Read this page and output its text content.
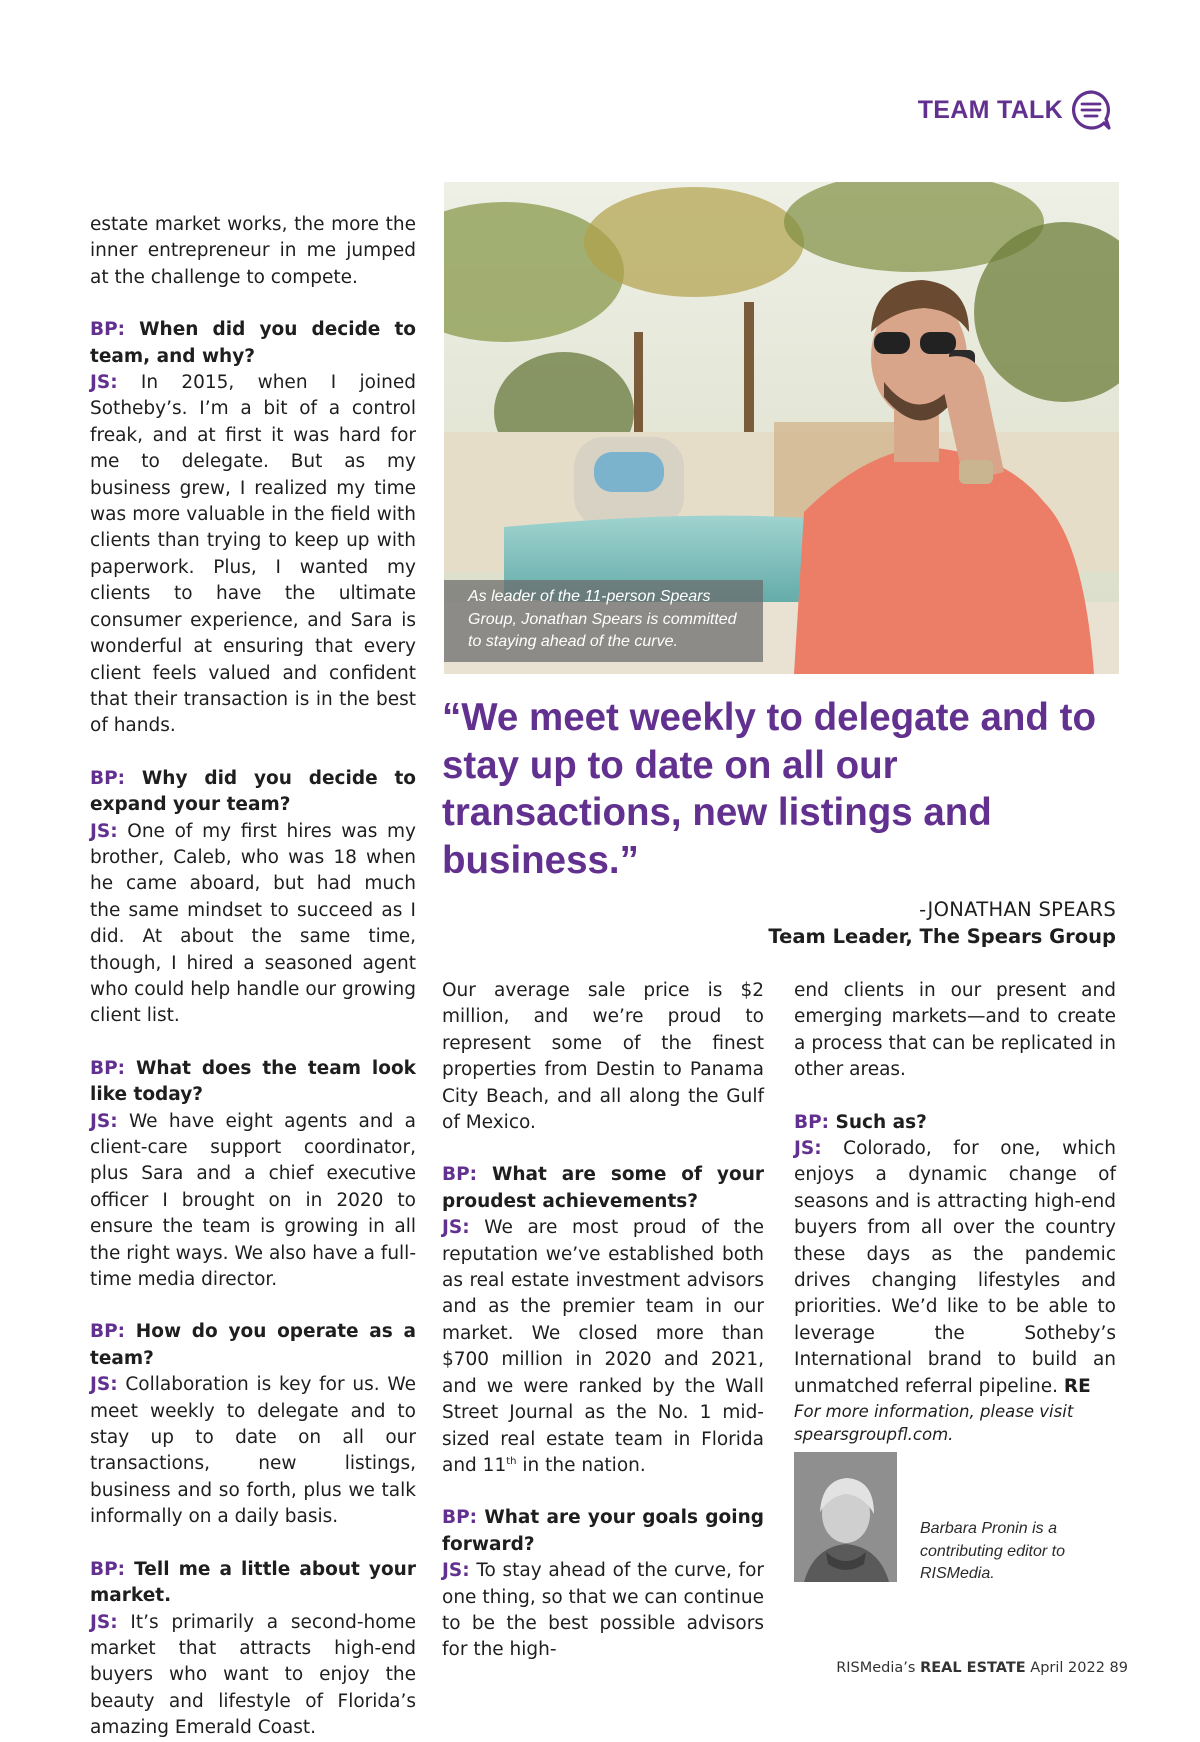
TEAM TALK

estate market works, the more the inner entrepreneur in me jumped at the challenge to compete.

BP: When did you decide to team, and why?

JS: In 2015, when I joined Sotheby’s. I’m a bit of a control freak, and at first it was hard for me to delegate. But as my business grew, I realized my time was more valuable in the field with clients than trying to keep up with paperwork. Plus, I wanted my clients to have the ultimate consumer experience, and Sara is wonderful at ensuring that every client feels valued and confident that their transaction is in the best of hands.

BP: Why did you decide to expand your team?

JS: One of my first hires was my brother, Caleb, who was 18 when he came aboard, but had much the same mindset to succeed as I did. At about the same time, though, I hired a seasoned agent who could help handle our growing client list.

BP: What does the team look like today?

JS: We have eight agents and a client-care support coordinator, plus Sara and a chief executive officer I brought on in 2020 to ensure the team is growing in all the right ways. We also have a full-time media director.

BP: How do you operate as a team?

JS: Collaboration is key for us. We meet weekly to delegate and to stay up to date on all our transactions, new listings, business and so forth, plus we talk informally on a daily basis.

BP: Tell me a little about your market.

JS: It’s primarily a second-home market that attracts high-end buyers who want to enjoy the beauty and lifestyle of Florida’s amazing Emerald Coast.

As leader of the 11-person Spears Group, Jonathan Spears is committed to staying ahead of the curve.

“We meet weekly to delegate and to stay up to date on all our transactions, new listings and business.”

-JONATHAN SPEARS
Team Leader, The Spears Group

Our average sale price is $2 million, and we’re proud to represent some of the finest properties from Destin to Panama City Beach, and all along the Gulf of Mexico.

BP: What are some of your proudest achievements?

JS: We are most proud of the reputation we’ve established both as real estate investment advisors and as the premier team in our market. We closed more than $700 million in 2020 and 2021, and we were ranked by the Wall Street Journal as the No. 1 mid-sized real estate team in Florida and 11th in the nation.

BP: What are your goals going forward?

JS: To stay ahead of the curve, for one thing, so that we can continue to be the best possible advisors for the high-

end clients in our present and emerging markets—and to create a process that can be replicated in other areas.

BP: Such as?

JS: Colorado, for one, which enjoys a dynamic change of seasons and is attracting high-end buyers from all over the country these days as the pandemic drives changing lifestyles and priorities. We’d like to be able to leverage the Sotheby’s International brand to build an unmatched referral pipeline. RE

For more information, please visit spearsgroupfl.com.

Barbara Pronin is a contributing editor to RISMedia.
RISMedia’s REAL ESTATE April 2022 89
